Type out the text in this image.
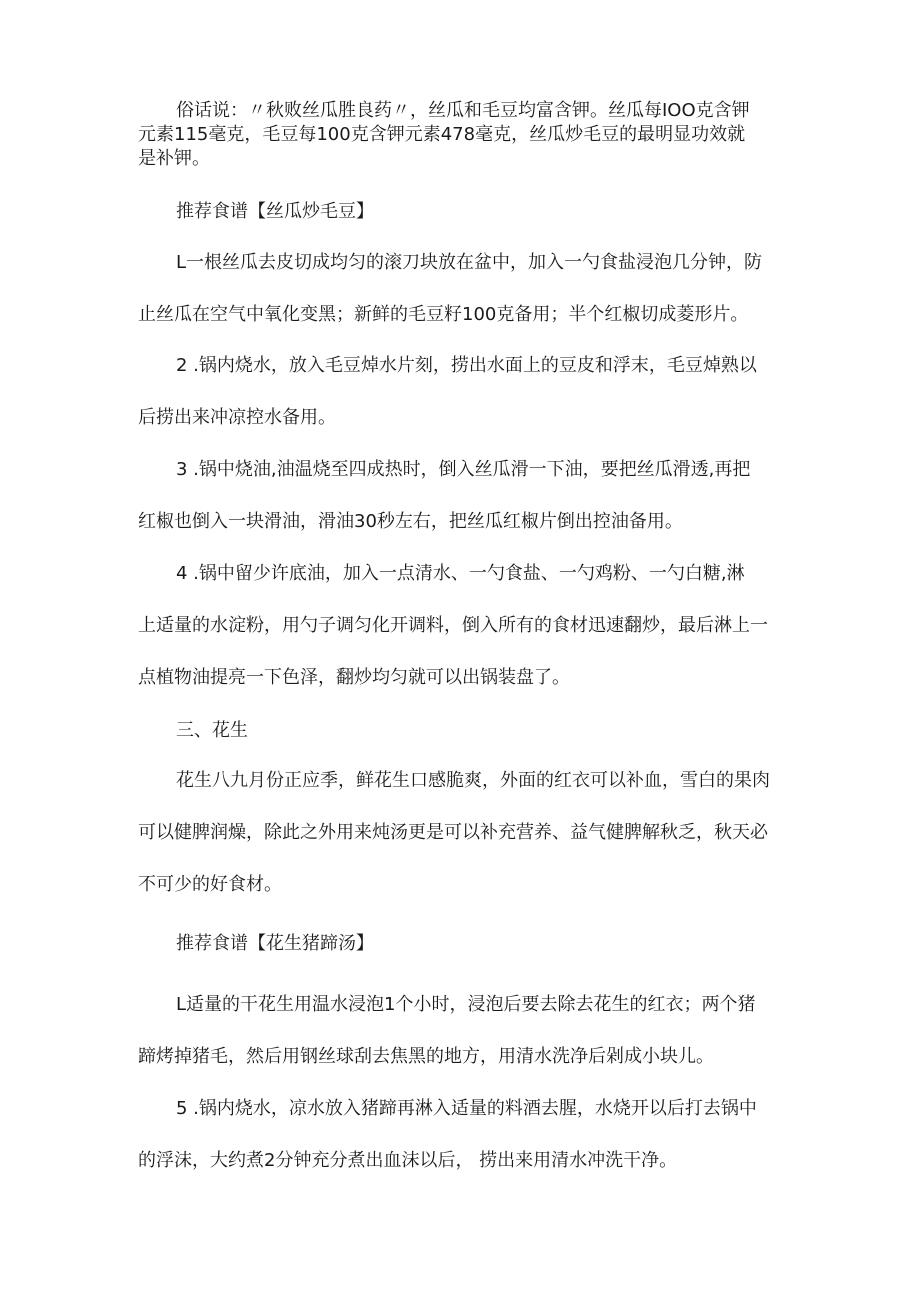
俗话说：〃秋败丝瓜胜良药〃，丝瓜和毛豆均富含钾。丝瓜每IOO克含钾
元素115毫克，毛豆每100克含钾元素478毫克，丝瓜炒毛豆的最明显功效就
是补钾。
推荐食谱【丝瓜炒毛豆】
L一根丝瓜去皮切成均匀的滚刀块放在盆中，加入一勺食盐浸泡几分钟，防
止丝瓜在空气中氧化变黑；新鲜的毛豆籽100克备用；半个红椒切成菱形片。
2 .锅内烧水，放入毛豆焯水片刻，捞出水面上的豆皮和浮末，毛豆焯熟以
后捞出来冲凉控水备用。
3 .锅中烧油,油温烧至四成热时，倒入丝瓜滑一下油，要把丝瓜滑透,再把
红椒也倒入一块滑油，滑油30秒左右，把丝瓜红椒片倒出控油备用。
4 .锅中留少许底油，加入一点清水、一勺食盐、一勺鸡粉、一勺白糖,淋
上适量的水淀粉，用勺子调匀化开调料，倒入所有的食材迅速翻炒，最后淋上一
点植物油提亮一下色泽，翻炒均匀就可以出锅装盘了。
三、花生
花生八九月份正应季，鲜花生口感脆爽，外面的红衣可以补血，雪白的果肉
可以健脾润燥，除此之外用来炖汤更是可以补充营养、益气健脾解秋乏，秋天必
不可少的好食材。
推荐食谱【花生猪蹄汤】
L适量的干花生用温水浸泡1个小时，浸泡后要去除去花生的红衣；两个猪
蹄烤掉猪毛，然后用钢丝球刮去焦黑的地方，用清水洗净后剁成小块儿。
5 .锅内烧水，凉水放入猪蹄再淋入适量的料酒去腥，水烧开以后打去锅中
的浮沫，大约煮2分钟充分煮出血沫以后， 捞出来用清水冲洗干净。
